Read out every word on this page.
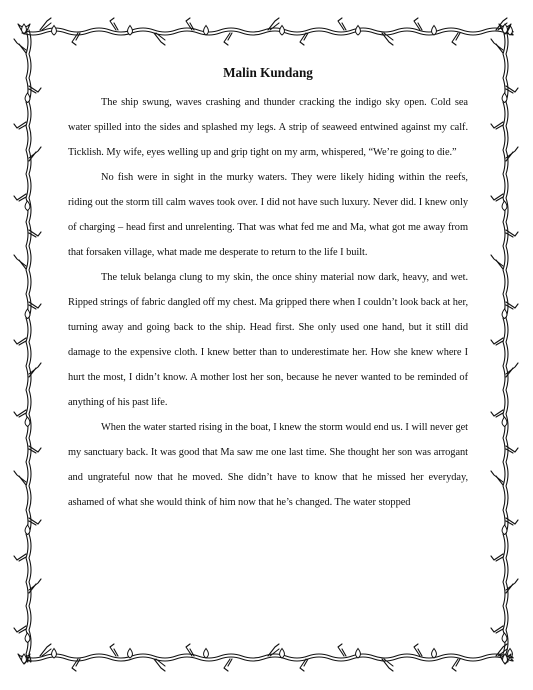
Malin Kundang

The ship swung, waves crashing and thunder cracking the indigo sky open. Cold sea water spilled into the sides and splashed my legs. A strip of seaweed entwined against my calf. Ticklish. My wife, eyes welling up and grip tight on my arm, whispered, “We’re going to die.”

No fish were in sight in the murky waters. They were likely hiding within the reefs, riding out the storm till calm waves took over. I did not have such luxury. Never did. I knew only of charging – head first and unrelenting. That was what fed me and Ma, what got me away from that forsaken village, what made me desperate to return to the life I built.

The teluk belanga clung to my skin, the once shiny material now dark, heavy, and wet. Ripped strings of fabric dangled off my chest. Ma gripped there when I couldn’t look back at her, turning away and going back to the ship. Head first. She only used one hand, but it still did damage to the expensive cloth. I knew better than to underestimate her. How she knew where I hurt the most, I didn’t know. A mother lost her son, because he never wanted to be reminded of anything of his past life.

When the water started rising in the boat, I knew the storm would end us. I will never get my sanctuary back. It was good that Ma saw me one last time. She thought her son was arrogant and ungrateful now that he moved. She didn’t have to know that he missed her everyday, ashamed of what she would think of him now that he’s changed. The water stopped
